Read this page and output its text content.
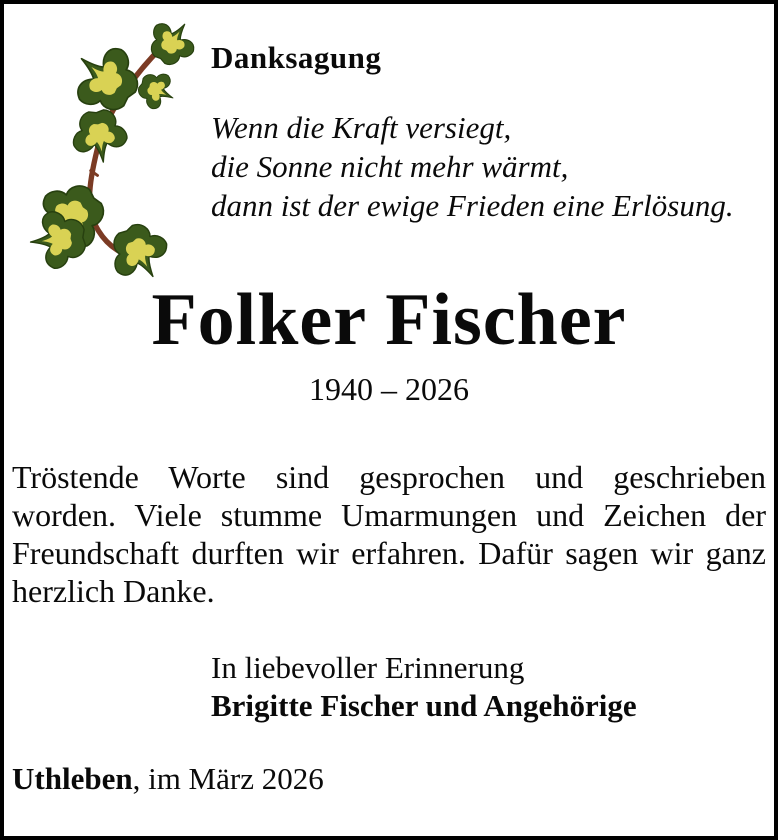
Danksagung
Wenn die Kraft versiegt,
die Sonne nicht mehr wärmt,
dann ist der ewige Frieden eine Erlösung.
Folker Fischer
1940 – 2026
Tröstende Worte sind gesprochen und geschrieben
worden. Viele stumme Umarmungen und Zeichen der
Freundschaft durften wir erfahren. Dafür sagen wir ganz
herzlich Danke.
In liebevoller Erinnerung
Brigitte Fischer und Angehörige
Uthleben, im März 2026
